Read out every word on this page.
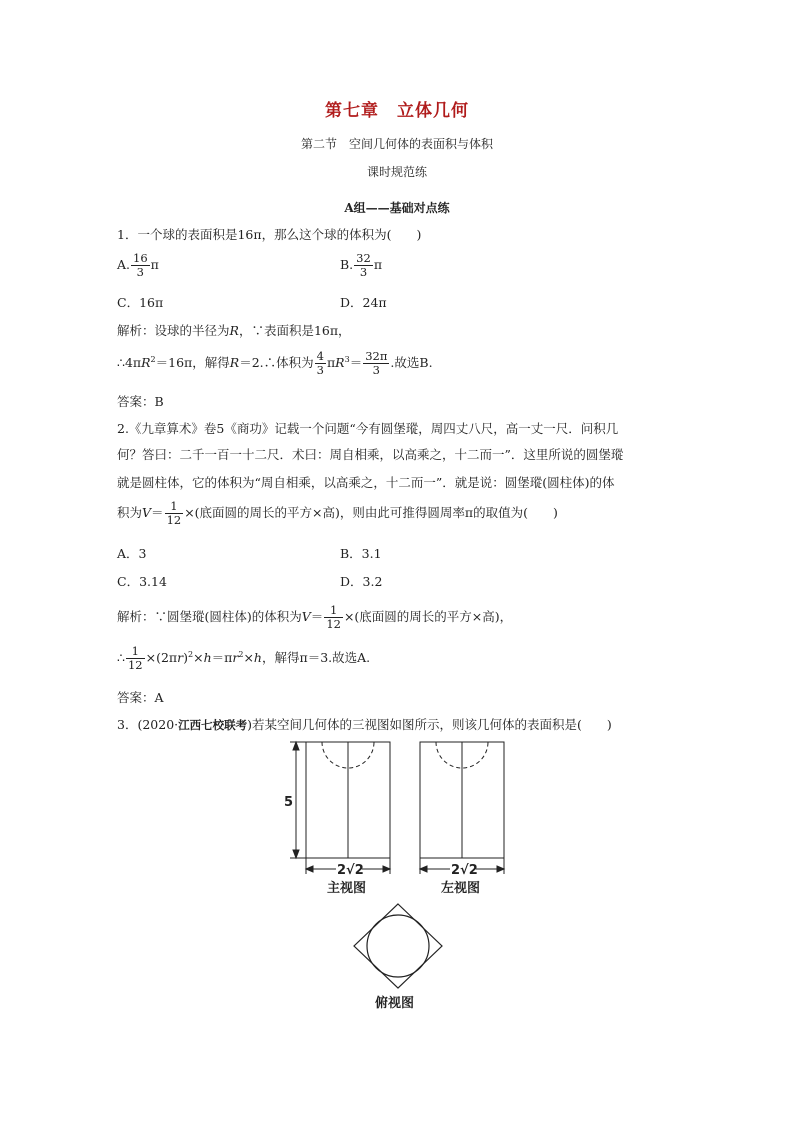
第七章　立体几何
第二节　空间几何体的表面积与体积
课时规范练
A组——基础对点练
1．一个球的表面积是16π，那么这个球的体积为(　　)
A. $\frac{16}{3}$ π	B. $\frac{32}{3}$ π
C．16π	D．24π
解析：设球的半径为R，∵表面积是16π，
$\therefore 4\pi R^2=16\pi$，解得R＝2.∴体积为 $\frac{4}{3} \pi R^3= \frac{32\pi}{3}$ .故选B.
答案：B
2.《九章算术》卷5《商功》记载一个问题“今有圆堡瑽，周四丈八尺，高一丈一尺．问积几
何？答曰：二千一百一十二尺．术曰：周自相乘，以高乘之，十二而一”．这里所说的圆堡瑽
就是圆柱体，它的体积为“周自相乘，以高乘之，十二而一”．就是说：圆堡瑽(圆柱体)的体
积为$V= \frac{1}{12}$ ×(底面圆的周长的平方×高)，则由此可推得圆周率π的取值为(　　)
A．3	B．3.1
C．3.14	D．3.2
解析：∵圆堡瑽(圆柱体)的体积为$V= \frac{1}{12}$ ×(底面圆的周长的平方×高)，
∴ $\frac{1}{12} \times(2\pi r)^2\times h=\pi r^2\times h$，解得π＝3.故选A.
答案：A
3．(2020·江西七校联考)若某空间几何体的三视图如图所示，则该几何体的表面积是(　　)
5
2√2
主视图
2√2
左视图
俯视图
